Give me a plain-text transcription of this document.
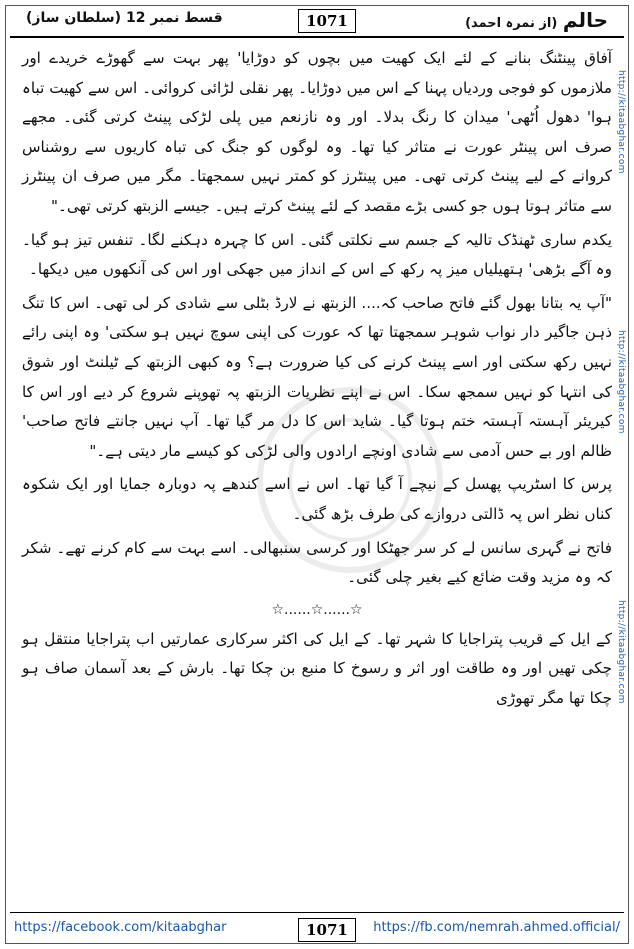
قسط نمبر 12 (سلطان ساز)	1071	حالم (از نمرہ احمد)
http://kitaabghar.com
http://kitaabghar.com
http://kitaabghar.com

آفاق پینٹنگ بنانے کے لئے ایک کھیت میں بچوں کو دوڑایا' پھر بہت سے گھوڑے خریدے اور ملازموں کو فوجی وردیاں پہنا کے اس میں دوڑایا۔ پھر نقلی لڑائی کروائی۔ اس سے کھیت تباہ ہوا' دھول اُٹھی' میدان کا رنگ بدلا۔ اور وہ نازنعم میں پلی لڑکی پینٹ کرتی گئی۔ مجھے صرف اس پینٹر عورت نے متاثر کیا تھا۔ وہ لوگوں کو جنگ کی تباہ کاریوں سے روشناس کروانے کے لیے پینٹ کرتی تھی۔ میں پینٹرز کو کمتر نہیں سمجھتا۔ مگر میں صرف ان پینٹرز سے متاثر ہوتا ہوں جو کسی بڑے مقصد کے لئے پینٹ کرتے ہیں۔ جیسے الزبتھ کرتی تھی۔"

یکدم ساری ٹھنڈک تالیہ کے جسم سے نکلتی گئی۔ اس کا چہرہ دہکنے لگا۔ تنفس تیز ہو گیا۔ وہ آگے بڑھی' ہتھیلیاں میز پہ رکھ کے اس کے انداز میں جھکی اور اس کی آنکھوں میں دیکھا۔

"آپ یہ بتانا بھول گئے فاتح صاحب کہ.... الزبتھ نے لارڈ بٹلی سے شادی کر لی تھی۔ اس کا تنگ ذہن جاگیر دار نواب شوہر سمجھتا تھا کہ عورت کی اپنی سوچ نہیں ہو سکتی' وہ اپنی رائے نہیں رکھ سکتی اور اسے پینٹ کرنے کی کیا ضرورت ہے؟ وہ کبھی الزبتھ کے ٹیلنٹ اور شوق کی انتہا کو نہیں سمجھ سکا۔ اس نے اپنے نظریات الزبتھ پہ تھوپنے شروع کر دیے اور اس کا کیریئر آہستہ آہستہ ختم ہوتا گیا۔ شاید اس کا دل مر گیا تھا۔ آپ نہیں جانتے فاتح صاحب' ظالم اور بے حس آدمی سے شادی اونچے ارادوں والی لڑکی کو کیسے مار دیتی ہے۔"

پرس کا اسٹریپ پھسل کے نیچے آ گیا تھا۔ اس نے اسے کندھے پہ دوبارہ جمایا اور ایک شکوہ کناں نظر اس پہ ڈالتی دروازے کی طرف بڑھ گئی۔

فاتح نے گہری سانس لے کر سر جھٹکا اور کرسی سنبھالی۔ اسے بہت سے کام کرنے تھے۔ شکر کہ وہ مزید وقت ضائع کیے بغیر چلی گئی۔

☆......☆......☆

کے ایل کے قریب پتراجایا کا شہر تھا۔ کے ایل کی اکثر سرکاری عمارتیں اب پتراجایا منتقل ہو چکی تھیں اور وہ طاقت اور اثر و رسوخ کا منبع بن چکا تھا۔ بارش کے بعد آسمان صاف ہو چکا تھا مگر تھوڑی

https://facebook.com/kitaabghar	1071	https://fb.com/nemrah.ahmed.official/
